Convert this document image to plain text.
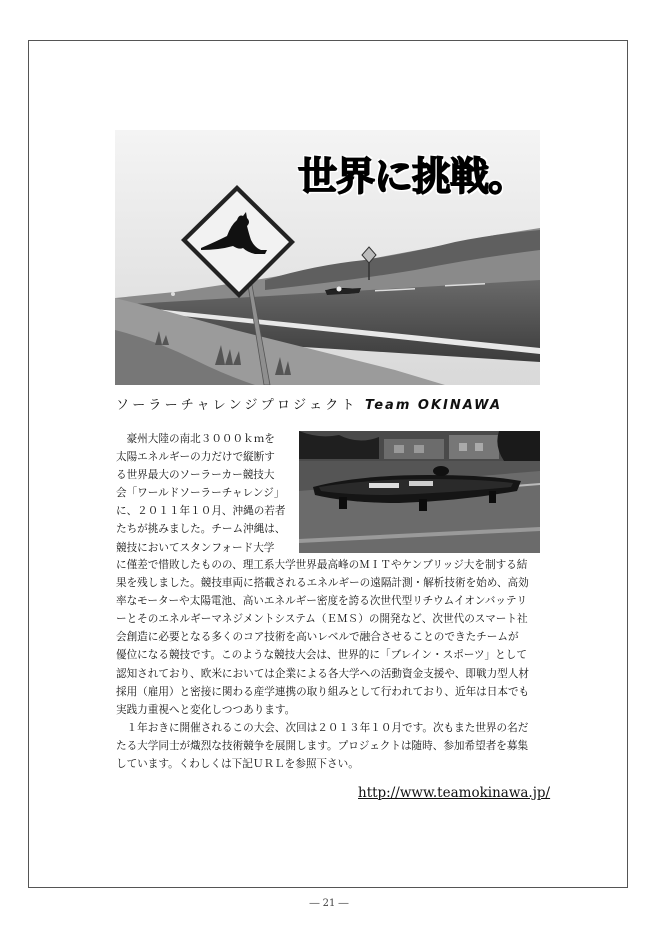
世界に挑戦。
ソーラーチャレンジプロジェクト Team OKINAWA
　豪州大陸の南北３０００ｋｍを
太陽エネルギーの力だけで縦断す
る世界最大のソーラーカー競技大
会「ワールドソーラーチャレンジ」
に、２０１１年１０月、沖縄の若者
たちが挑みました。チーム沖縄は、
競技においてスタンフォード大学
に僅差で惜敗したものの、理工系大学世界最高峰のＭＩＴやケンブリッジ大を制する結
果を残しました。競技車両に搭載されるエネルギーの遠隔計測・解析技術を始め、高効
率なモーターや太陽電池、高いエネルギー密度を誇る次世代型リチウムイオンバッテリ
ーとそのエネルギーマネジメントシステム（ＥＭＳ）の開発など、次世代のスマート社
会創造に必要となる多くのコア技術を高いレベルで融合させることのできたチームが
優位になる競技です。このような競技大会は、世界的に「ブレイン・スポーツ」として
認知されており、欧米においては企業による各大学への活動資金支援や、即戦力型人材
採用（雇用）と密接に関わる産学連携の取り組みとして行われており、近年は日本でも
実践力重視へと変化しつつあります。
　１年おきに開催されるこの大会、次回は２０１３年１０月です。次もまた世界の名だ
たる大学同士が熾烈な技術競争を展開します。プロジェクトは随時、参加希望者を募集
しています。くわしくは下記ＵＲＬを参照下さい。
http://www.teamokinawa.jp/
― 21 ―
